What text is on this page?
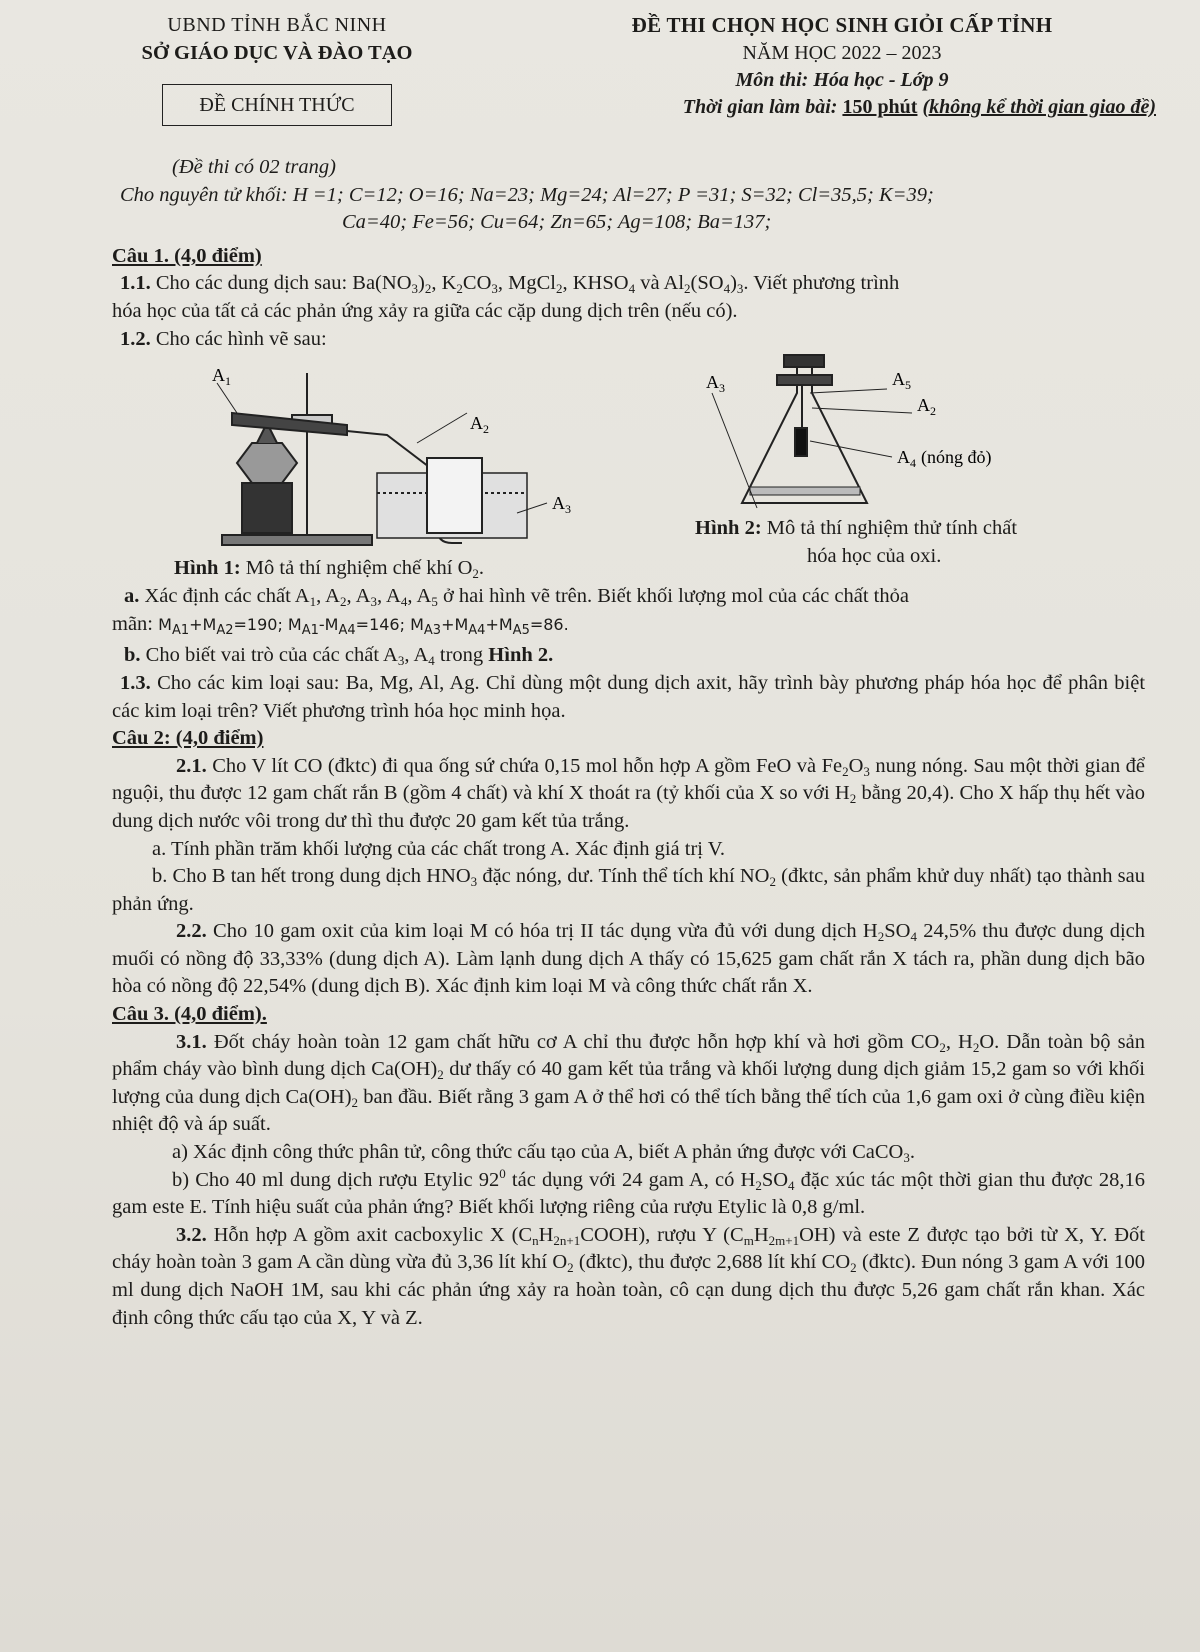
UBND TỈNH BẮC NINH
SỞ GIÁO DỤC VÀ ĐÀO TẠO
ĐỀ CHÍNH THỨC
ĐỀ THI CHỌN HỌC SINH GIỎI CẤP TỈNH
NĂM HỌC 2022 – 2023
Môn thi: Hóa học - Lớp 9
Thời gian làm bài: 150 phút (không kể thời gian giao đề)

(Đề thi có 02 trang)

Cho nguyên tử khối: H =1; C=12; O=16; Na=23; Mg=24; Al=27; P =31; S=32; Cl=35,5; K=39;

Ca=40; Fe=56; Cu=64; Zn=65; Ag=108; Ba=137;

Câu 1. (4,0 điểm)

1.1. Cho các dung dịch sau: $Ba(NO_3)_2$, $K_2CO_3$, MgCl$_2$, $KHSO_4$ và $Al_2(SO_4)_3$. Viết phương trình

hóa học của tất cả các phản ứng xảy ra giữa các cặp dung dịch trên (nếu có).

1.2. Cho các hình vẽ sau:

$A_1$
$A_2$
$A_3$
Hình 1: Mô tả thí nghiệm chế khí $O_2$.
$A_3$	$A_5$
$A_2$
$A_4$ (nóng đỏ)
Hình 2: Mô tả thí nghiệm thử tính chất
hóa học của oxi.

a. Xác định các chất $A_1$, $A_2$, $A_3$, $A_4$, $A_5$ ở hai hình vẽ trên. Biết khối lượng mol của các chất thỏa

mãn: $M_{A1}+M_{A2}=190$; $M_{A1}-M_{A4}=146$; $M_{A3}+M_{A4}+M_{A5}=86$.

b. Cho biết vai trò của các chất $A_3$, $A_4$ trong Hình 2.

1.3. Cho các kim loại sau: Ba, Mg, Al, Ag. Chỉ dùng một dung dịch axit, hãy trình bày phương pháp hóa học để phân biệt các kim loại trên? Viết phương trình hóa học minh họa.

Câu 2: (4,0 điểm)

2.1. Cho V lít CO (đktc) đi qua ống sứ chứa 0,15 mol hỗn hợp A gồm FeO và $Fe_2O_3$ nung nóng. Sau một thời gian để nguội, thu được 12 gam chất rắn B (gồm 4 chất) và khí X thoát ra (tỷ khối của X so với $H_2$ bằng 20,4). Cho X hấp thụ hết vào dung dịch nước vôi trong dư thì thu được 20 gam kết tủa trắng.

a. Tính phần trăm khối lượng của các chất trong A. Xác định giá trị V.

b. Cho B tan hết trong dung dịch $HNO_3$ đặc nóng, dư. Tính thể tích khí $NO_2$ (đktc, sản phẩm khử duy nhất) tạo thành sau phản ứng.

2.2. Cho 10 gam oxit của kim loại M có hóa trị II tác dụng vừa đủ với dung dịch $H_2SO_4$ 24,5% thu được dung dịch muối có nồng độ 33,33% (dung dịch A). Làm lạnh dung dịch A thấy có 15,625 gam chất rắn X tách ra, phần dung dịch bão hòa có nồng độ 22,54% (dung dịch B). Xác định kim loại M và công thức chất rắn X.

Câu 3. (4,0 điểm).

3.1. Đốt cháy hoàn toàn 12 gam chất hữu cơ A chỉ thu được hỗn hợp khí và hơi gồm $CO_2$, $H_2O$. Dẫn toàn bộ sản phẩm cháy vào bình dung dịch $Ca(OH)_2$ dư thấy có 40 gam kết tủa trắng và khối lượng dung dịch giảm 15,2 gam so với khối lượng của dung dịch $Ca(OH)_2$ ban đầu. Biết rằng 3 gam A ở thể hơi có thể tích bằng thể tích của 1,6 gam oxi ở cùng điều kiện nhiệt độ và áp suất.

a) Xác định công thức phân tử, công thức cấu tạo của A, biết A phản ứng được với CaCO$_3$.

b) Cho 40 ml dung dịch rượu Etylic $92^0$ tác dụng với 24 gam A, có $H_2SO_4$ đặc xúc tác một thời gian thu được 28,16 gam este E. Tính hiệu suất của phản ứng? Biết khối lượng riêng của rượu Etylic là 0,8 g/ml.

3.2. Hỗn hợp A gồm axit cacboxylic X $(C_nH_{2n+1}COOH)$, rượu Y $(C_mH_{2m+1}OH)$ và este Z được tạo bởi từ X, Y. Đốt cháy hoàn toàn 3 gam A cần dùng vừa đủ 3,36 lít khí $O_2$ (đktc), thu được 2,688 lít khí $CO_2$ (đktc). Đun nóng 3 gam A với 100 ml dung dịch NaOH 1M, sau khi các phản ứng xảy ra hoàn toàn, cô cạn dung dịch thu được 5,26 gam chất rắn khan. Xác định công thức cấu tạo của X, Y và Z.
